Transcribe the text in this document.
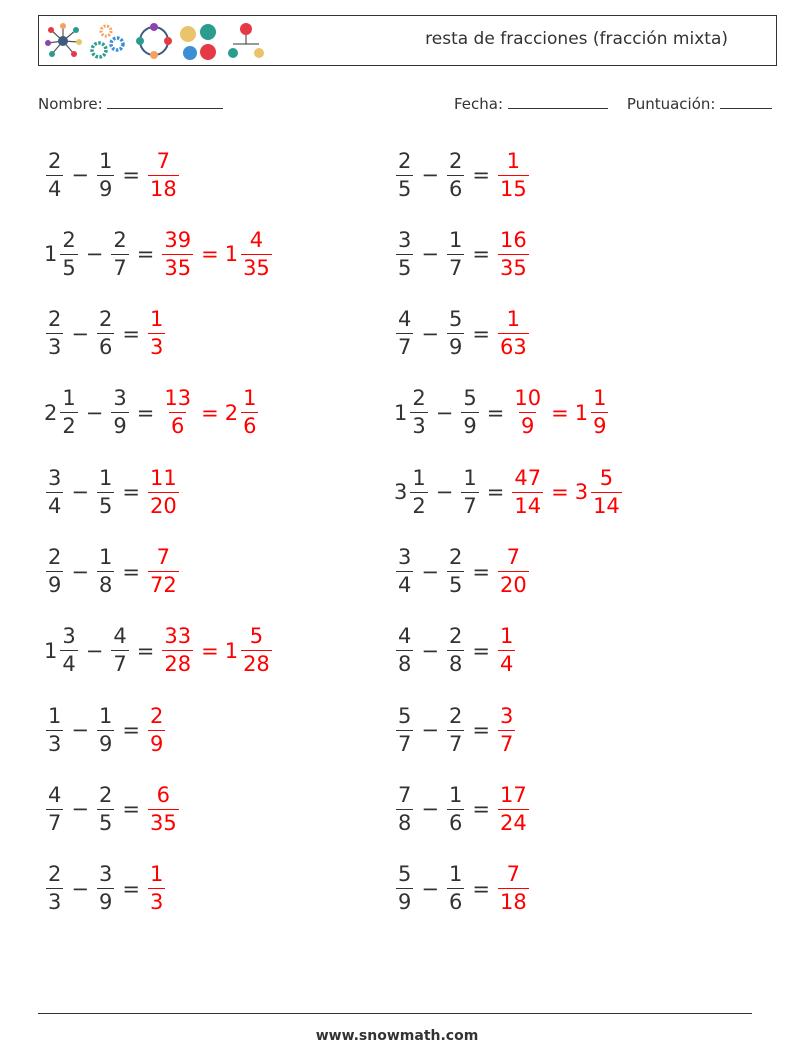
resta de fracciones (fracción mixta)
Nombre:	Fecha:	Puntuación:
$\frac{2}{4} - \frac{1}{9} = \frac{7}{18}$	$\frac{2}{5} - \frac{2}{6} = \frac{1}{15}$
$1 \frac{2}{5} - \frac{2}{7} = \frac{39}{35} = 1 \frac{4}{35}$	$\frac{3}{5} - \frac{1}{7} = \frac{16}{35}$
$\frac{2}{3} - \frac{2}{6} = \frac{1}{3}$	$\frac{4}{7} - \frac{5}{9} = \frac{1}{63}$
$2 \frac{1}{2} - \frac{3}{9} = \frac{13}{6} = 2 \frac{1}{6}$	$1 \frac{2}{3} - \frac{5}{9} = \frac{10}{9} = 1 \frac{1}{9}$
$\frac{3}{4} - \frac{1}{5} = \frac{11}{20}$	$3 \frac{1}{2} - \frac{1}{7} = \frac{47}{14} = 3 \frac{5}{14}$
$\frac{2}{9} - \frac{1}{8} = \frac{7}{72}$	$\frac{3}{4} - \frac{2}{5} = \frac{7}{20}$
$1 \frac{3}{4} - \frac{4}{7} = \frac{33}{28} = 1 \frac{5}{28}$	$\frac{4}{8} - \frac{2}{8} = \frac{1}{4}$
$\frac{1}{3} - \frac{1}{9} = \frac{2}{9}$	$\frac{5}{7} - \frac{2}{7} = \frac{3}{7}$
$\frac{4}{7} - \frac{2}{5} = \frac{6}{35}$	$\frac{7}{8} - \frac{1}{6} = \frac{17}{24}$
$\frac{2}{3} - \frac{3}{9} = \frac{1}{3}$	$\frac{5}{9} - \frac{1}{6} = \frac{7}{18}$
www.snowmath.com
